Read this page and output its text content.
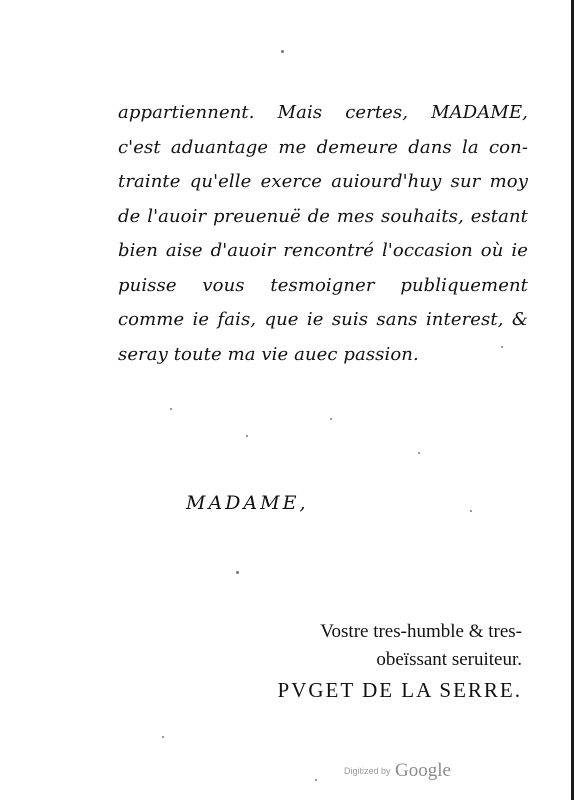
appartiennent. Mais certes, MADAME,
c'est aduantage me demeure dans la con-
trainte qu'elle exerce auiourd'huy sur moy
de l'auoir preuenuë de mes souhaits, estant
bien aise d'auoir rencontré l'occasion où ie
puisse vous tesmoigner publiquement
comme ie fais, que ie suis sans interest, &
seray toute ma vie auec passion.
MADAME,
Vostre tres-humble & tres-
obeïssant seruiteur.
PVGET DE LA SERRE.
Digitized by Google
